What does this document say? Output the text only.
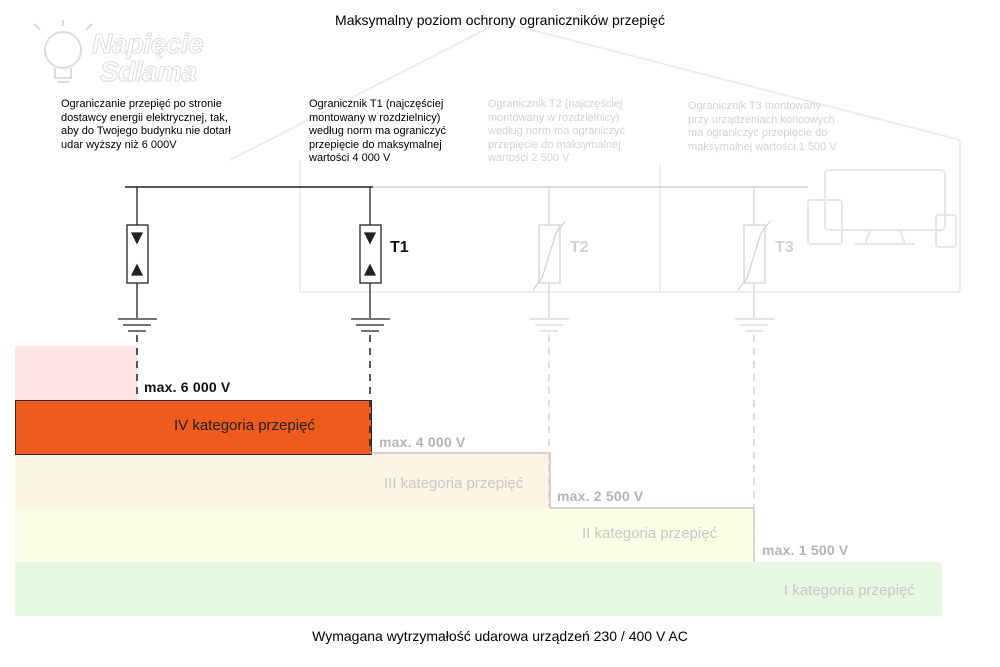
Napięcie
Sdlama
Maksymalny poziom ochrony ograniczników przepięć
Ograniczanie przepięć po stronie
dostawcy energii elektrycznej, tak,
aby do Twojego budynku nie dotarł
udar wyższy niż 6 000V
Ogranicznik T1 (najczęściej
montowany w rozdzielnicy)
według norm ma ograniczyć
przepięcie do maksymalnej
wartości 4 000 V
Ogranicznik T2 (najczęściej
montowany w rozdzielnicy)
według norm ma ograniczyć
przepięcie do maksymalnej
wartości 2 500 V
Ogranicznik T3 montowany
przy urządzeniach końcowych
ma ograniczyć przepięcie do
maksymalnej wartości 1 500 V
IV kategoria przepięć
III kategoria przepięć
II kategoria przepięć
I kategoria przepięć
max. 6 000 V
max. 4 000 V
max. 2 500 V
max. 1 500 V
T1	T2	T3
Wymagana wytrzymałość udarowa urządzeń 230 / 400 V AC
